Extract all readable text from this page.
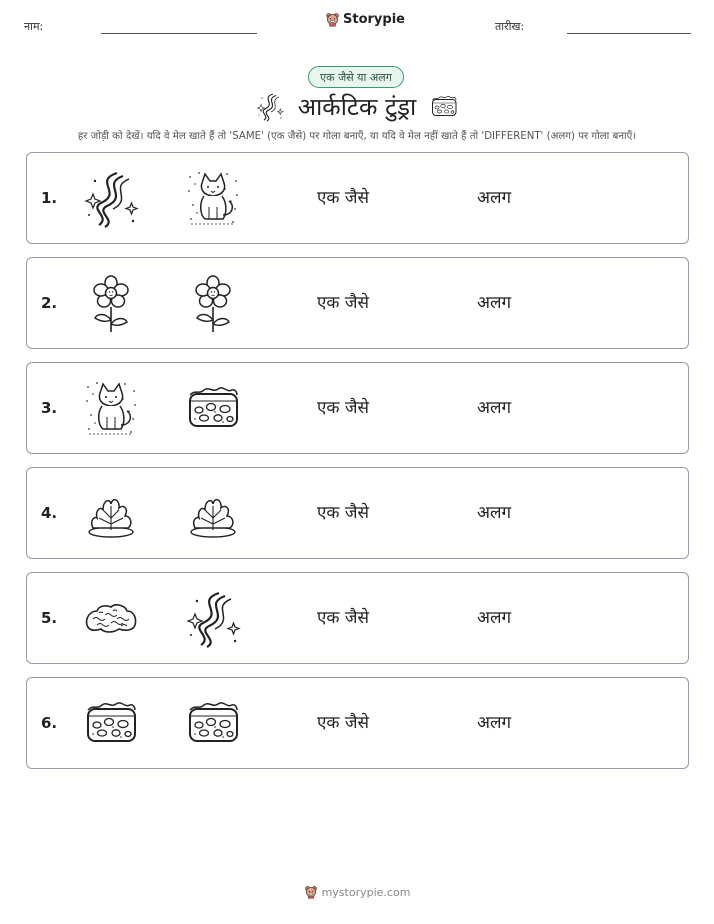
नाम:	Storypie	तारीख:
एक जैसे या अलग
आर्कटिक टुंड्रा
हर जोड़ी को देखें। यदि वे मेल खाते हैं तो 'SAME' (एक जैसे) पर गोला बनाएँ, या यदि वे मेल नहीं खाते हैं तो 'DIFFERENT' (अलग) पर गोला बनाएँ।
1.	एक जैसे	अलग
2.	एक जैसे	अलग
3.	एक जैसे	अलग
4.	एक जैसे	अलग
5.	एक जैसे	अलग
6.	एक जैसे	अलग
mystorypie.com
